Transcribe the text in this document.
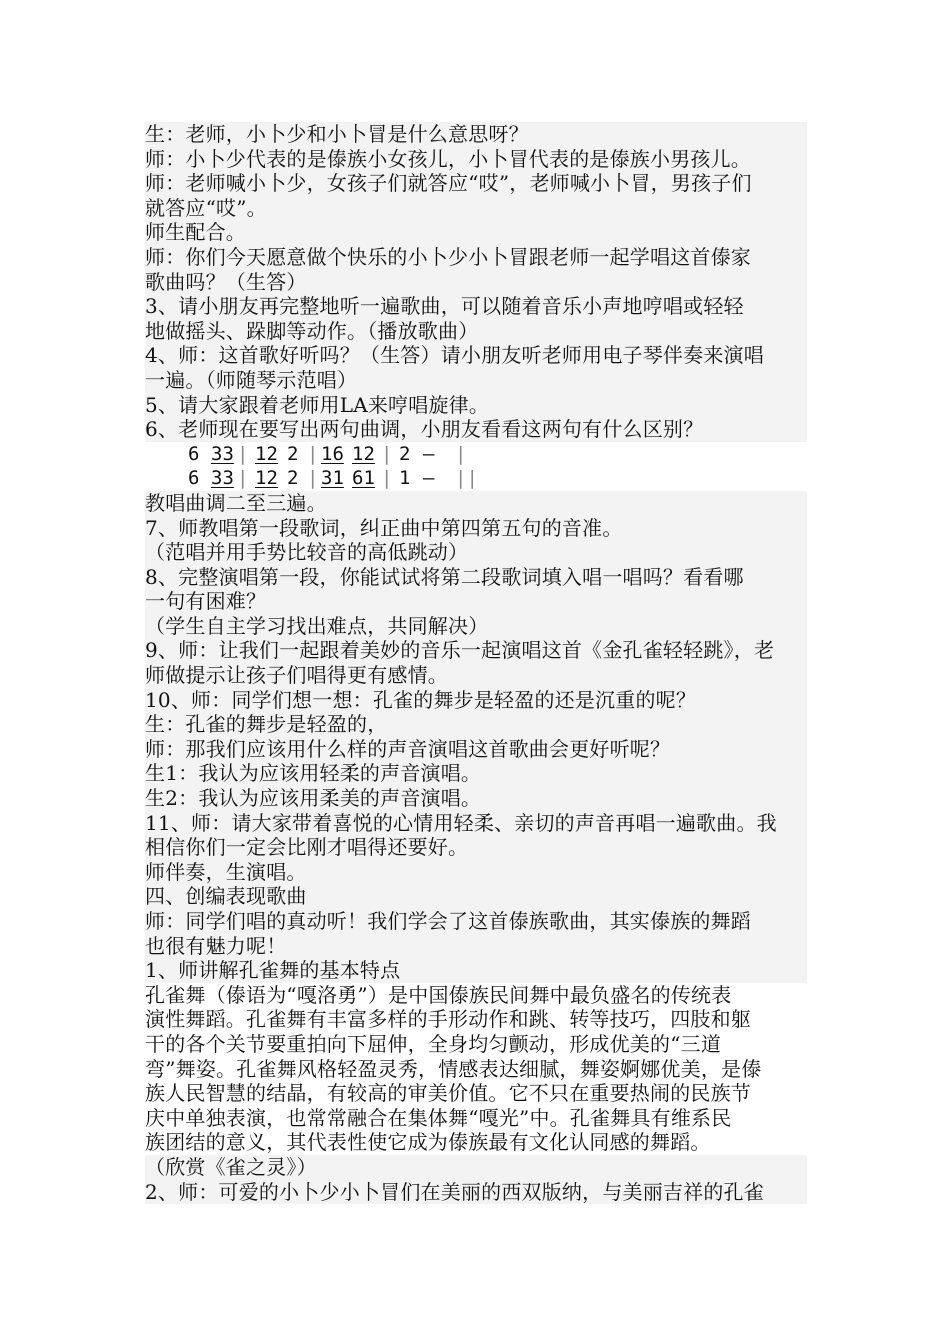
生：老师，小卜少和小卜冒是什么意思呀？
师：小卜少代表的是傣族小女孩儿，小卜冒代表的是傣族小男孩儿。
师：老师喊小卜少，女孩子们就答应“哎”，老师喊小卜冒，男孩子们
就答应“哎”。
师生配合。
师：你们今天愿意做个快乐的小卜少小卜冒跟老师一起学唱这首傣家
歌曲吗？（生答）
3、请小朋友再完整地听一遍歌曲，可以随着音乐小声地哼唱或轻轻
地做摇头、跺脚等动作。（播放歌曲）
4、师：这首歌好听吗？（生答）请小朋友听老师用电子琴伴奏来演唱
一遍。（师随琴示范唱）
5、请大家跟着老师用LA来哼唱旋律。
6、老师现在要写出两句曲调，小朋友看看这两句有什么区别？
6 33 | 12 2 | 16 12 | 2 — |
6 33 | 12 2 | 31 61 | 1 — ||
教唱曲调二至三遍。
7、师教唱第一段歌词，纠正曲中第四第五句的音准。
（范唱并用手势比较音的高低跳动）
8、完整演唱第一段，你能试试将第二段歌词填入唱一唱吗？看看哪
一句有困难？
（学生自主学习找出难点，共同解决）
9、师：让我们一起跟着美妙的音乐一起演唱这首《金孔雀轻轻跳》，老
师做提示让孩子们唱得更有感情。
10、师：同学们想一想：孔雀的舞步是轻盈的还是沉重的呢？
生：孔雀的舞步是轻盈的，
师：那我们应该用什么样的声音演唱这首歌曲会更好听呢？
生1：我认为应该用轻柔的声音演唱。
生2：我认为应该用柔美的声音演唱。
11、师：请大家带着喜悦的心情用轻柔、亲切的声音再唱一遍歌曲。我
相信你们一定会比刚才唱得还要好。
师伴奏，生演唱。
四、创编表现歌曲
师：同学们唱的真动听！我们学会了这首傣族歌曲，其实傣族的舞蹈
也很有魅力呢！
1、师讲解孔雀舞的基本特点
孔雀舞（傣语为“嘎洛勇”）是中国傣族民间舞中最负盛名的传统表
演性舞蹈。孔雀舞有丰富多样的手形动作和跳、转等技巧，四肢和躯
干的各个关节要重拍向下屈伸，全身均匀颤动，形成优美的“三道
弯”舞姿。孔雀舞风格轻盈灵秀，情感表达细腻，舞姿婀娜优美，是傣
族人民智慧的结晶，有较高的审美价值。它不只在重要热闹的民族节
庆中单独表演，也常常融合在集体舞“嘎光”中。孔雀舞具有维系民
族团结的意义，其代表性使它成为傣族最有文化认同感的舞蹈。
（欣赏《雀之灵》）
2、师：可爱的小卜少小卜冒们在美丽的西双版纳，与美丽吉祥的孔雀
